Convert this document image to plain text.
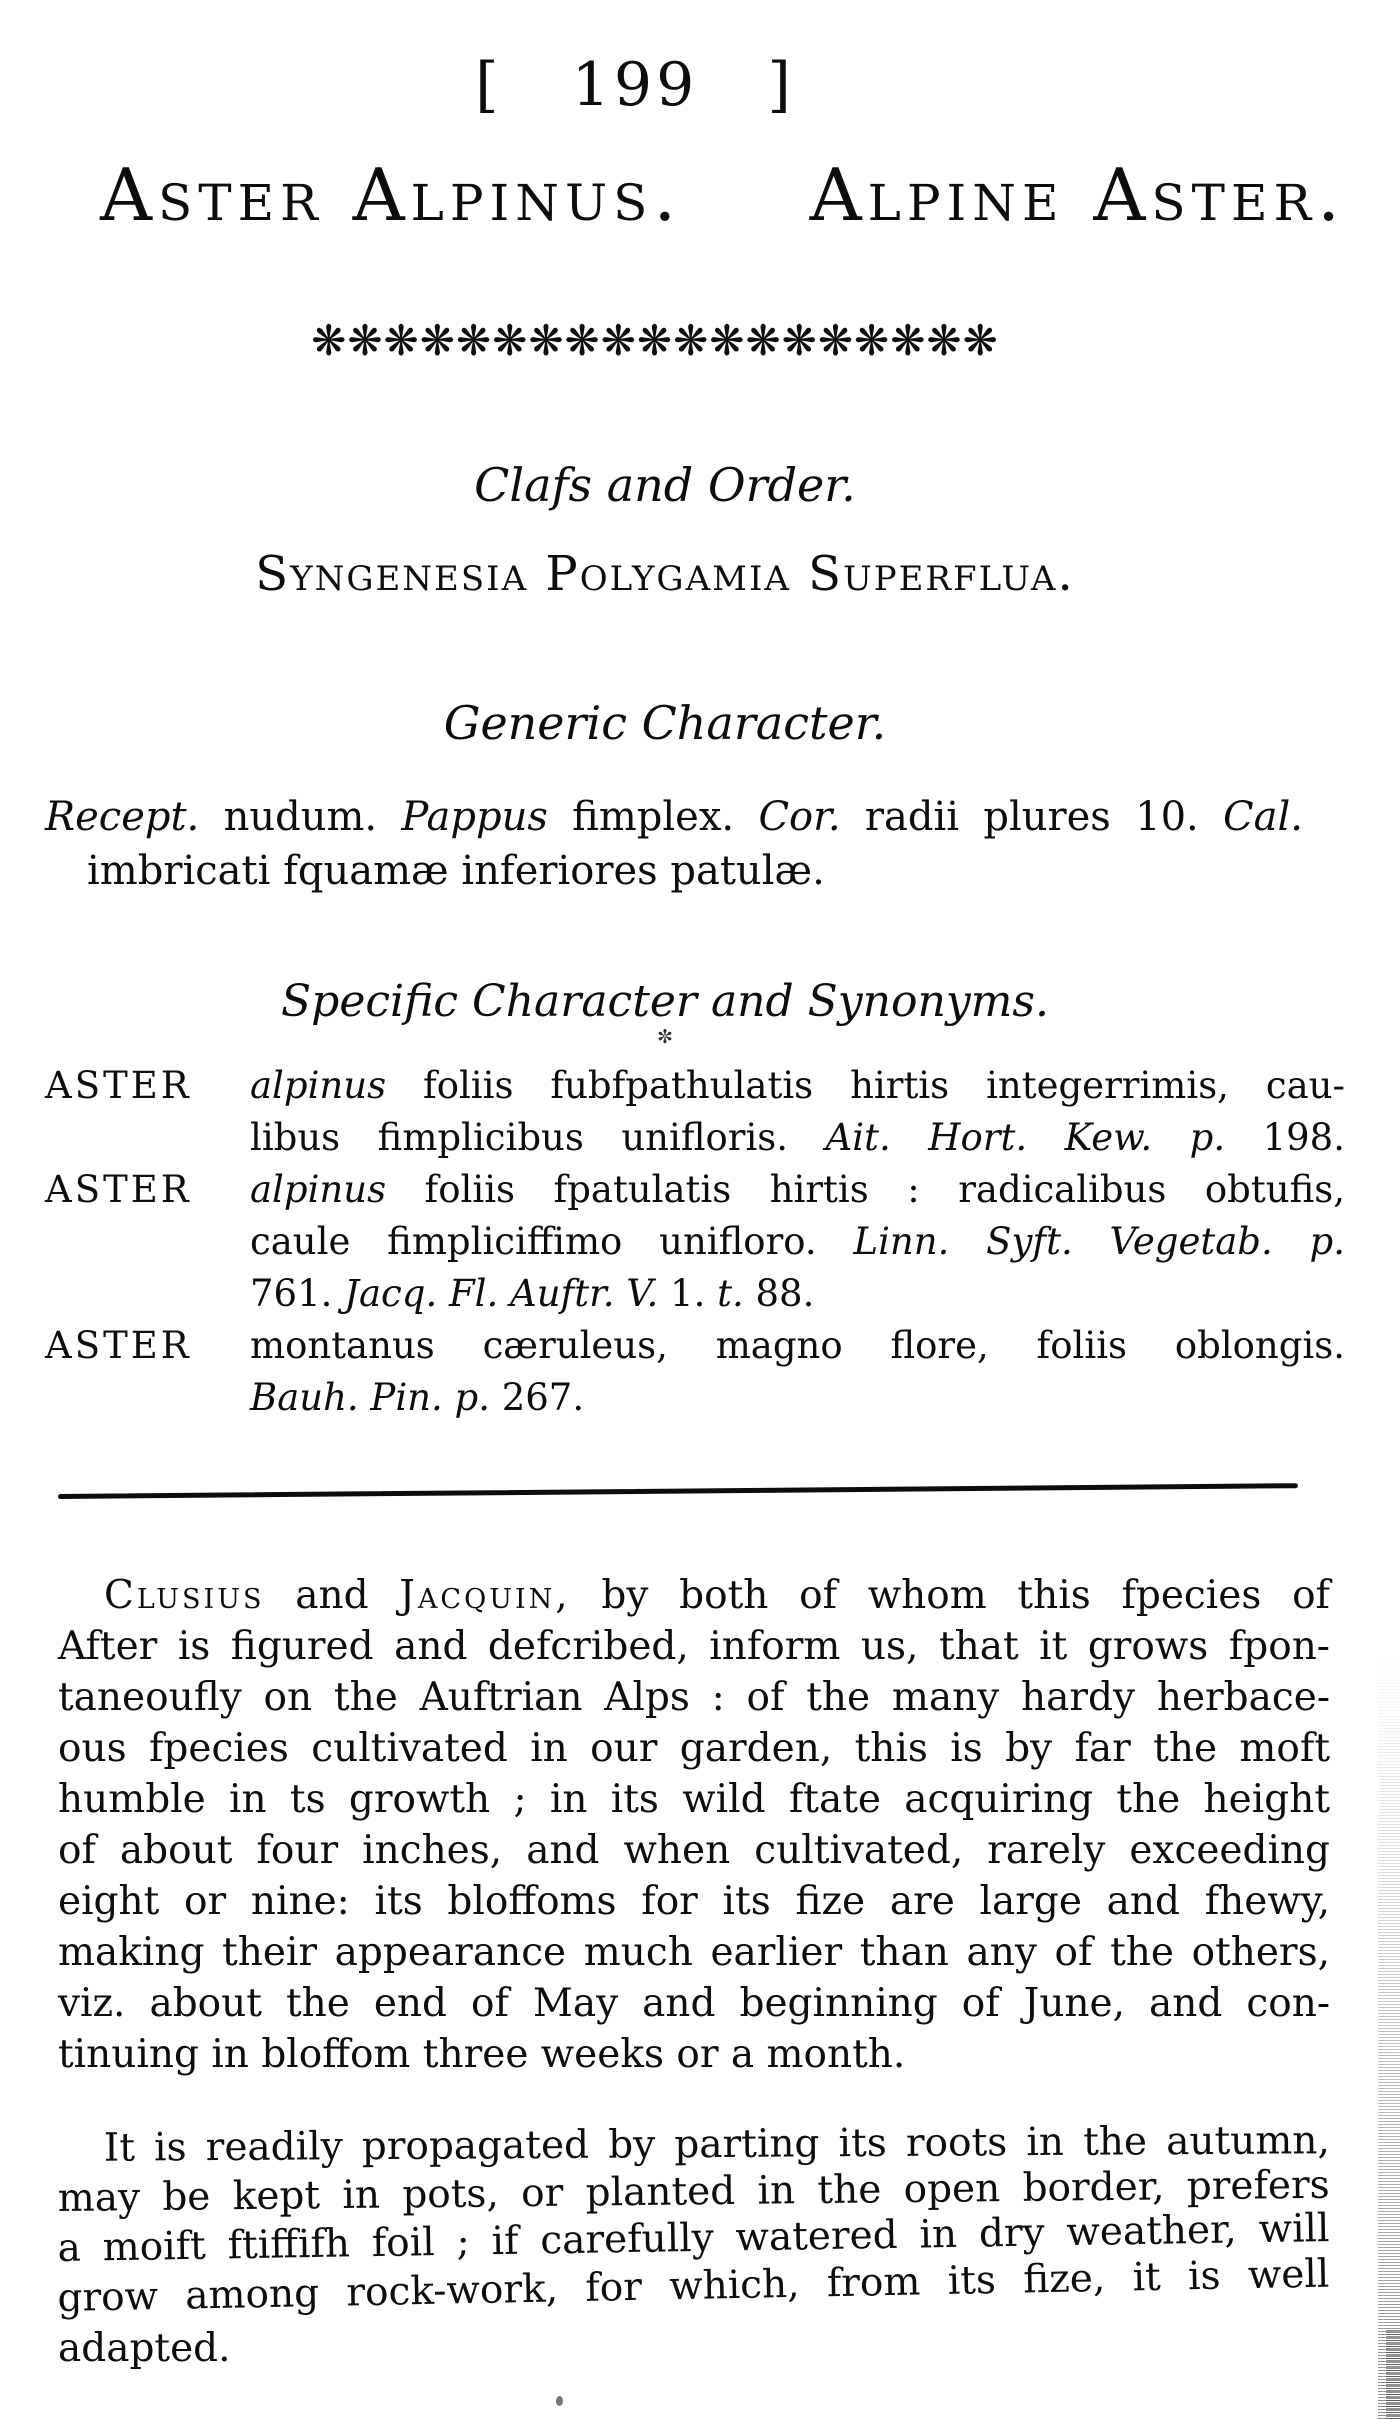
[   199   ]
Aster Alpinus. Alpine Aster.
❋❋❋❋❋❋❋❋❋❋❋❋❋❋❋❋❋❋❋
Clafs and Order.
Syngenesia Polygamia Superflua.
Generic Character.
Recept. nudum. Pappus fimplex. Cor. radii plures 10. Cal.
imbricati fquamæ inferiores patulæ.
Specific Character and Synonyms.
✼
ASTER alpinus foliis fubfpathulatis hirtis integerrimis, cau-
libus fimplicibus unifloris. Ait. Hort. Kew. p. 198.
ASTER alpinus foliis fpatulatis hirtis : radicalibus obtufis,
caule fimpliciffimo unifloro. Linn. Syft. Vegetab. p.
761. Jacq. Fl. Auftr. V. 1. t. 88.
ASTER montanus cæruleus, magno flore, foliis oblongis.
Bauh. Pin. p. 267.
Clusius and Jacquin, by both of whom this fpecies of
After is figured and defcribed, inform us, that it grows fpon-
taneoufly on the Auftrian Alps : of the many hardy herbace-
ous fpecies cultivated in our garden, this is by far the moft
humble in ts growth ; in its wild ftate acquiring the height
of about four inches, and when cultivated, rarely exceeding
eight or nine: its bloffoms for its fize are large and fhewy,
making their appearance much earlier than any of the others,
viz. about the end of May and beginning of June, and con-
tinuing in bloffom three weeks or a month.
It is readily propagated by parting its roots in the autumn,
may be kept in pots, or planted in the open border, prefers
a moift ftiffifh foil ; if carefully watered in dry weather, will
grow among rock-work, for which, from its fize, it is well
adapted.
